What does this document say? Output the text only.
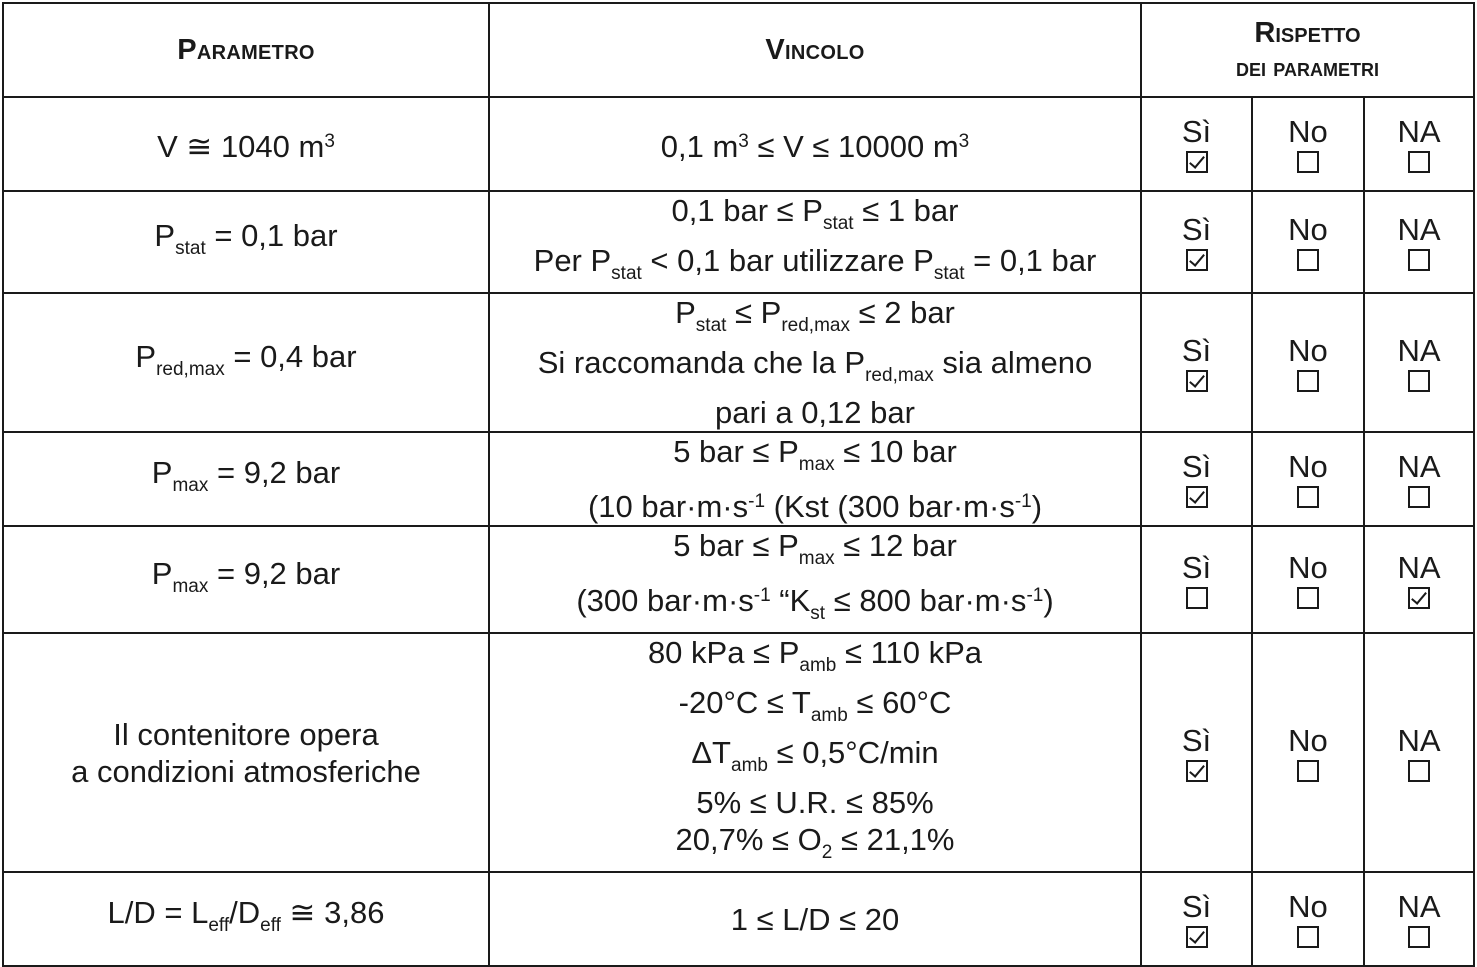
Parametro	Vincolo	Rispetto
dei parametri		

V ≅ 1040 $m^3$	0,1 $m^3 \le V \le 10000$ $m^3$	Sì	No	NA

$P_{stat} = 0,1$ bar	0,1 bar ≤ $P_{stat} \le 1$ bar
Per $P_{stat} < 0,1$ bar utilizzare $P_{stat} = 0,1$ bar	Sì	No	NA

$P_{red,max} = 0,4$ bar	$P_{stat} \le P_{red,max} \le 2$ bar
Si raccomanda che la $P_{red,max}$ sia almeno
pari a 0,12 bar	Sì	No	NA

$P_{max} = 9,2$ bar	5 bar ≤ $P_{max} \le 10$ bar
(10 $bar\cdot m\cdot s^{-1}$ (Kst (300 $bar\cdot m\cdot s^{-1}$)	Sì	No	NA

$P_{max} = 9,2$ bar	5 bar ≤ $P_{max} \le 12$ bar
(300 $bar\cdot m\cdot s^{-1}$ “$K_{st} \le 800$ $bar\cdot m\cdot s^{-1}$)	Sì	No	NA

Il contenitore opera
a condizioni atmosferiche	80 kPa ≤ $P_{amb} \le 110$ kPa
$-20^\circ C \le T_{amb} \le 60^\circ C$
$\Delta T_{amb} \le 0,5^\circ C/\min$
5% ≤ U.R. ≤ 85%
$20,7\% \le O_2 \le 21,1\%$	Sì	No	NA

$L/D = L_{eff}/D_{eff}$ ≅ 3,86	1 ≤ L/D ≤ 20	Sì	No	NA
